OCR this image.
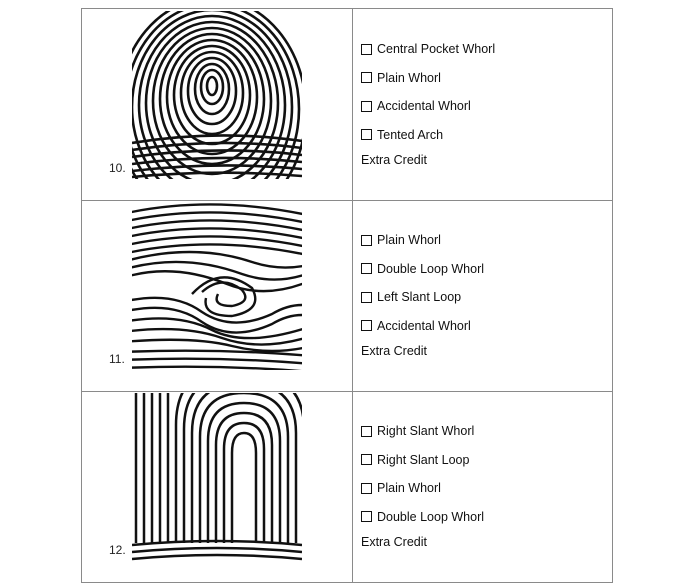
10.
Central Pocket Whorl
Plain Whorl
Accidental Whorl
Tented Arch
Extra Credit
11.
Plain Whorl
Double Loop Whorl
Left Slant Loop
Accidental Whorl
Extra Credit
12.
Right Slant Whorl
Right Slant Loop
Plain Whorl
Double Loop Whorl
Extra Credit
